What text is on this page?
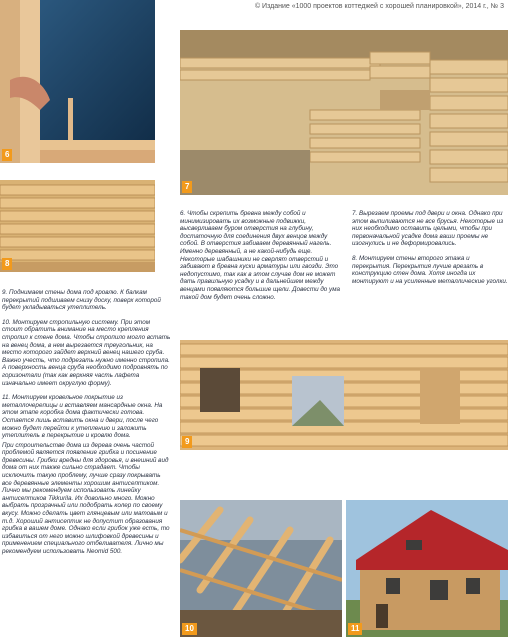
© Издание «1000 проектов коттеджей с хорошей планировкой», 2014 г., № 3
6
7
8
9
10	11

9. Поднимаем стены дома под кровлю. К балкам перекрытий подшиваем снизу доску, поверх которой будет укладываться утеплитель.

10. Монтируем стропильную систему. При этом стоит обратить внимание на место крепления стропил к стене дома. Чтобы стропило могло встать на венец дома, в нем вырезается треугольник, на место которого зайдет верхний венец нашего сруба. Важно учесть, что подрезать нужно именно стропила. А поверхность венца сруба необходимо подровнять по горизонтали (так как верхняя часть лафета изначально имеет округлую форму).

11. Монтируем кровельное покрытие из металлочерепицы и вставляем мансардные окна. На этом этапе коробка дома фактически готова. Остается лишь вставить окна и двери, после чего можно будет перейти к утеплению и заложить утеплитель в перекрытие и кровлю дома.

При строительстве дома из дерева очень частой проблемой является появление грибка и посинение древесины. Грибки вредны для здоровья, и внешний вид дома от них также сильно страдает. Чтобы исключить такую проблему, лучше сразу покрывать все деревянные элементы хорошим антисептиком. Лично мы рекомендуем использовать линейку антисептиков Tikkurila. Их довольно много. Можно выбрать прозрачный или подобрать колер по своему вкусу. Можно сделать цвет глянцевым или матовым и т.д. Хороший антисептик не допустит образования грибка в вашем доме. Однако если грибок уже есть, то избавиться от него можно шлифовкой древесины и применением специального отбеливателя. Лично мы рекомендуем использовать Neomid 500.

6. Чтобы скрепить бревна между собой и минимизировать их возможные подвижки, высверливаем буром отверстия на глубину, достаточную для соединения двух венцов между собой. В отверстия забиваем деревянный нагель. Именно деревянный, а не какой-нибудь еще. Некоторые шабашники не сверлят отверстий и забивают в бревна куски арматуры или гвозди. Это недопустимо, так как в этом случае дом не может дать правильную усадку и в дальнейшем между венцами появляются большие щели. Довести до ума такой дом будет очень сложно.

7. Вырезаем проемы под двери и окна. Однако при этом выпиливаются не все брусья. Некоторые из них необходимо оставить целыми, чтобы при первоначальной усадке дома ваши проемы не изогнулись и не деформировались.

8. Монтируем стены второго этажа и перекрытия. Перекрытия лучше врезать в конструкцию стен дома. Хотя иногда их монтируют и на усиленные металлические уголки.
